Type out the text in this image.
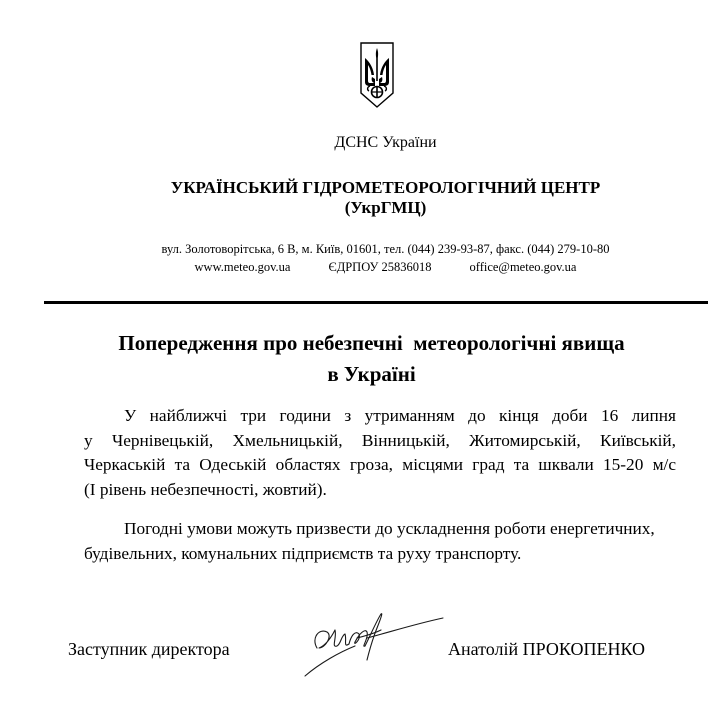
ДСНС України
УКРАЇНСЬКИЙ ГІДРОМЕТЕОРОЛОГІЧНИЙ ЦЕНТР
(УкрГМЦ)
вул. Золотоворітська, 6 В, м. Київ, 01601, тел. (044) 239-93-87, факс. (044) 279-10-80
www.meteo.gov.ua	ЄДРПОУ 25836018	office@meteo.gov.ua
Попередження про небезпечні  метеорологічні явища
в Україні
У найближчі три години з утриманням до кінця доби 16 липня
у Чернівецькій, Хмельницькій, Вінницькій, Житомирській, Київській,
Черкаській та Одеській областях гроза, місцями град та шквали 15-20 м/с
(І рівень небезпечності, жовтий).
Погодні умови можуть призвести до ускладнення роботи енергетичних,
будівельних, комунальних підприємств та руху транспорту.
Заступник директора	Анатолій ПРОКОПЕНКО
